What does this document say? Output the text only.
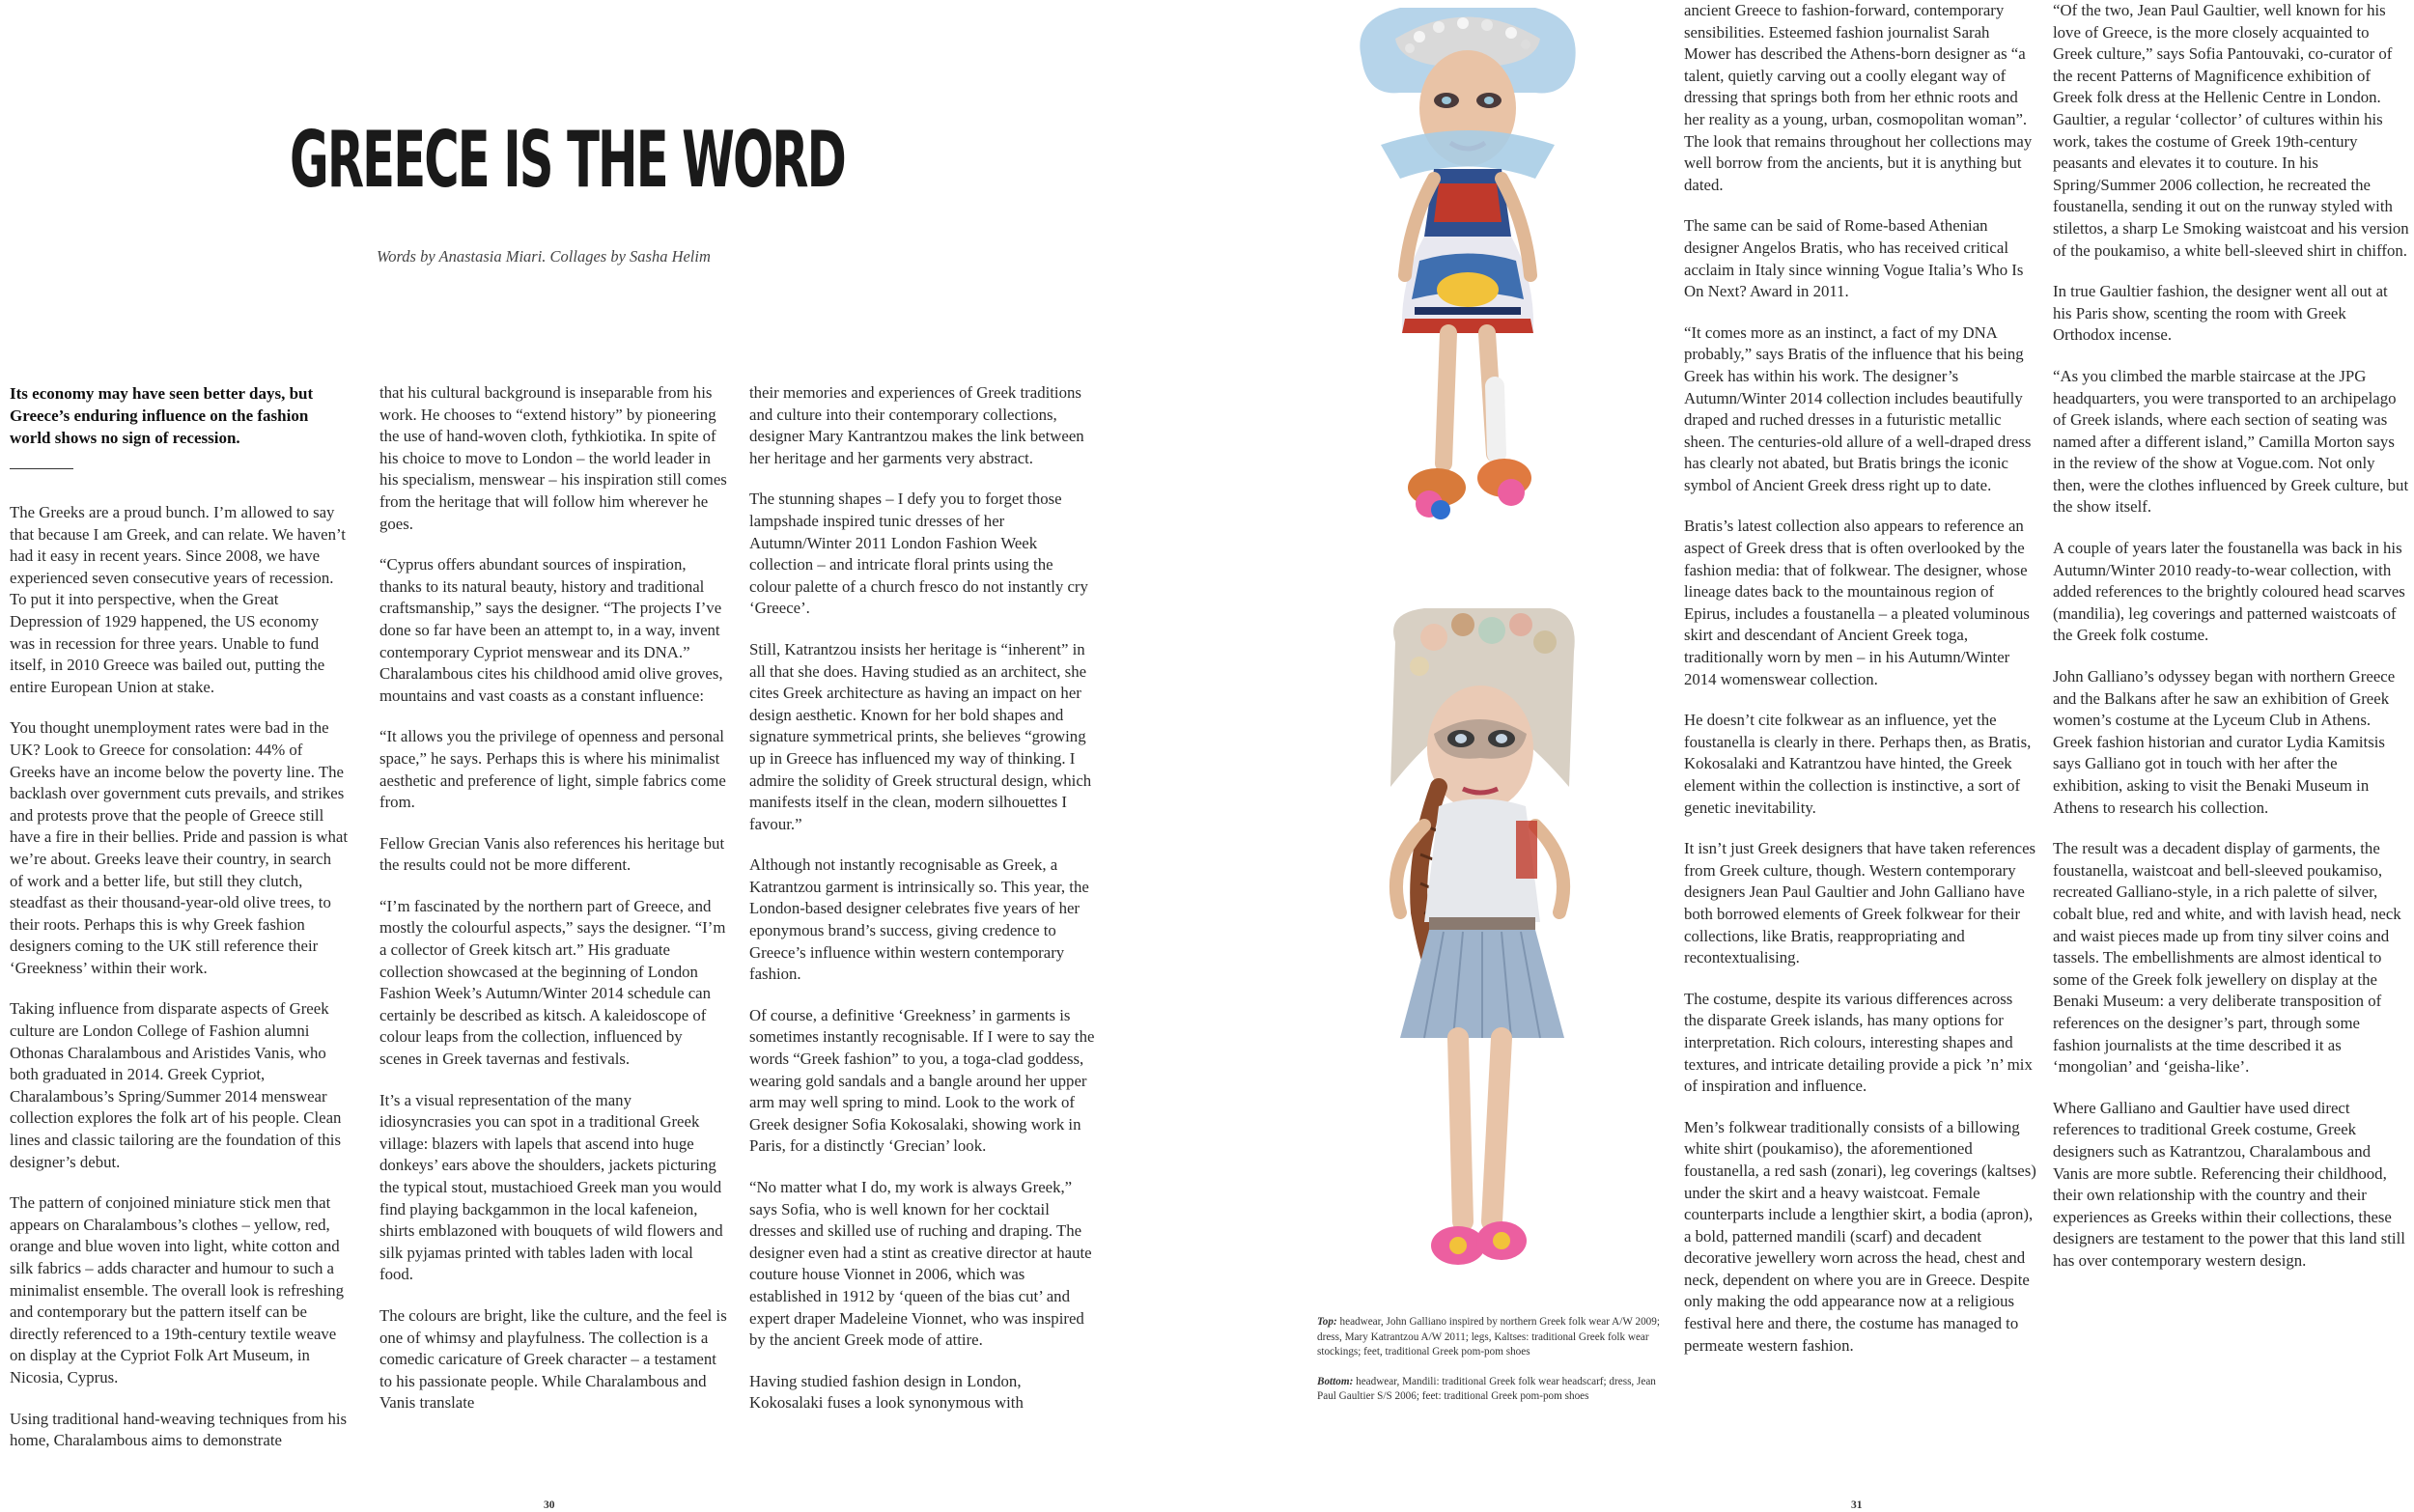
GREECE IS THE WORD
Words by Anastasia Miari. Collages by Sasha Helim

Its economy may have seen better days, but Greece’s enduring influence on the fashion world shows no sign of recession.

The Greeks are a proud bunch. I’m allowed to say that because I am Greek, and can relate. We haven’t had it easy in recent years. Since 2008, we have experienced seven consecutive years of recession. To put it into perspective, when the Great Depression of 1929 happened, the US economy was in recession for three years. Unable to fund itself, in 2010 Greece was bailed out, putting the entire European Union at stake.

You thought unemployment rates were bad in the UK? Look to Greece for consolation: 44% of Greeks have an income below the poverty line. The backlash over government cuts prevails, and strikes and protests prove that the people of Greece still have a fire in their bellies. Pride and passion is what we’re about. Greeks leave their country, in search of work and a better life, but still they clutch, steadfast as their thousand-year-old olive trees, to their roots. Perhaps this is why Greek fashion designers coming to the UK still reference their ‘Greekness’ within their work.

Taking influence from disparate aspects of Greek culture are London College of Fashion alumni Othonas Charalambous and Aristides Vanis, who both graduated in 2014. Greek Cypriot, Charalambous’s Spring/Summer 2014 menswear collection explores the folk art of his people. Clean lines and classic tailoring are the foundation of this designer’s debut.

The pattern of conjoined miniature stick men that appears on Charalambous’s clothes – yellow, red, orange and blue woven into light, white cotton and silk fabrics – adds character and humour to such a minimalist ensemble. The overall look is refreshing and contemporary but the pattern itself can be directly referenced to a 19th-century textile weave on display at the Cypriot Folk Art Museum, in Nicosia, Cyprus.

Using traditional hand-weaving techniques from his home, Charalambous aims to demonstrate

that his cultural background is inseparable from his work. He chooses to “extend history” by pioneering the use of hand-woven cloth, fythkiotika. In spite of his choice to move to London – the world leader in his specialism, menswear – his inspiration still comes from the heritage that will follow him wherever he goes.

“Cyprus offers abundant sources of inspiration, thanks to its natural beauty, history and traditional craftsmanship,” says the designer. “The projects I’ve done so far have been an attempt to, in a way, invent contemporary Cypriot menswear and its DNA.” Charalambous cites his childhood amid olive groves, mountains and vast coasts as a constant influence:

“It allows you the privilege of openness and personal space,” he says. Perhaps this is where his minimalist aesthetic and preference of light, simple fabrics come from.

Fellow Grecian Vanis also references his heritage but the results could not be more different.

“I’m fascinated by the northern part of Greece, and mostly the colourful aspects,” says the designer. “I’m a collector of Greek kitsch art.” His graduate collection showcased at the beginning of London Fashion Week’s Autumn/Winter 2014 schedule can certainly be described as kitsch. A kaleidoscope of colour leaps from the collection, influenced by scenes in Greek tavernas and festivals.

It’s a visual representation of the many idiosyncrasies you can spot in a traditional Greek village: blazers with lapels that ascend into huge donkeys’ ears above the shoulders, jackets picturing the typical stout, mustachioed Greek man you would find playing backgammon in the local kafeneion, shirts emblazoned with bouquets of wild flowers and silk pyjamas printed with tables laden with local food.

The colours are bright, like the culture, and the feel is one of whimsy and playfulness. The collection is a comedic caricature of Greek character – a testament to his passionate people. While Charalambous and Vanis translate

their memories and experiences of Greek traditions and culture into their contemporary collections, designer Mary Kantrantzou makes the link between her heritage and her garments very abstract.

The stunning shapes – I defy you to forget those lampshade inspired tunic dresses of her Autumn/Winter 2011 London Fashion Week collection – and intricate floral prints using the colour palette of a church fresco do not instantly cry ‘Greece’.

Still, Katrantzou insists her heritage is “inherent” in all that she does. Having studied as an architect, she cites Greek architecture as having an impact on her design aesthetic. Known for her bold shapes and signature symmetrical prints, she believes “growing up in Greece has influenced my way of thinking. I admire the solidity of Greek structural design, which manifests itself in the clean, modern silhouettes I favour.”

Although not instantly recognisable as Greek, a Katrantzou garment is intrinsically so. This year, the London-based designer celebrates five years of her eponymous brand’s success, giving credence to Greece’s influence within western contemporary fashion.

Of course, a definitive ‘Greekness’ in garments is sometimes instantly recognisable. If I were to say the words “Greek fashion” to you, a toga-clad goddess, wearing gold sandals and a bangle around her upper arm may well spring to mind. Look to the work of Greek designer Sofia Kokosalaki, showing work in Paris, for a distinctly ‘Grecian’ look.

“No matter what I do, my work is always Greek,” says Sofia, who is well known for her cocktail dresses and skilled use of ruching and draping. The designer even had a stint as creative director at haute couture house Vionnet in 2006, which was established in 1912 by ‘queen of the bias cut’ and expert draper Madeleine Vionnet, who was inspired by the ancient Greek mode of attire.

Having studied fashion design in London, Kokosalaki fuses a look synonymous with

30

ancient Greece to fashion-forward, contemporary sensibilities. Esteemed fashion journalist Sarah Mower has described the Athens-born designer as “a talent, quietly carving out a coolly elegant way of dressing that springs both from her ethnic roots and her reality as a young, urban, cosmopolitan woman”. The look that remains throughout her collections may well borrow from the ancients, but it is anything but dated.

The same can be said of Rome-based Athenian designer Angelos Bratis, who has received critical acclaim in Italy since winning Vogue Italia’s Who Is On Next? Award in 2011.

“It comes more as an instinct, a fact of my DNA probably,” says Bratis of the influence that his being Greek has within his work. The designer’s Autumn/Winter 2014 collection includes beautifully draped and ruched dresses in a futuristic metallic sheen. The centuries-old allure of a well-draped dress has clearly not abated, but Bratis brings the iconic symbol of Ancient Greek dress right up to date.

Bratis’s latest collection also appears to reference an aspect of Greek dress that is often overlooked by the fashion media: that of folkwear. The designer, whose lineage dates back to the mountainous region of Epirus, includes a foustanella – a pleated voluminous skirt and descendant of Ancient Greek toga, traditionally worn by men – in his Autumn/Winter 2014 womenswear collection.

He doesn’t cite folkwear as an influence, yet the foustanella is clearly in there. Perhaps then, as Bratis, Kokosalaki and Katrantzou have hinted, the Greek element within the collection is instinctive, a sort of genetic inevitability.

It isn’t just Greek designers that have taken references from Greek culture, though. Western contemporary designers Jean Paul Gaultier and John Galliano have both borrowed elements of Greek folkwear for their collections, like Bratis, reappropriating and recontextualising.

The costume, despite its various differences across the disparate Greek islands, has many options for interpretation. Rich colours, interesting shapes and textures, and intricate detailing provide a pick ’n’ mix of inspiration and influence.

Men’s folkwear traditionally consists of a billowing white shirt (poukamiso), the aforementioned foustanella, a red sash (zonari), leg coverings (kaltses) under the skirt and a heavy waistcoat. Female counterparts include a lengthier skirt, a bodia (apron), a bold, patterned mandili (scarf) and decadent decorative jewellery worn across the head, chest and neck, dependent on where you are in Greece. Despite only making the odd appearance now at a religious festival here and there, the costume has managed to permeate western fashion.

“Of the two, Jean Paul Gaultier, well known for his love of Greece, is the more closely acquainted to Greek culture,” says Sofia Pantouvaki, co-curator of the recent Patterns of Magnificence exhibition of Greek folk dress at the Hellenic Centre in London. Gaultier, a regular ‘collector’ of cultures within his work, takes the costume of Greek 19th-century peasants and elevates it to couture. In his Spring/Summer 2006 collection, he recreated the foustanella, sending it out on the runway styled with stilettos, a sharp Le Smoking waistcoat and his version of the poukamiso, a white bell-sleeved shirt in chiffon.

In true Gaultier fashion, the designer went all out at his Paris show, scenting the room with Greek Orthodox incense.

“As you climbed the marble staircase at the JPG headquarters, you were transported to an archipelago of Greek islands, where each section of seating was named after a different island,” Camilla Morton says in the review of the show at Vogue.com. Not only then, were the clothes influenced by Greek culture, but the show itself.

A couple of years later the foustanella was back in his Autumn/Winter 2010 ready-to-wear collection, with added references to the brightly coloured head scarves (mandilia), leg coverings and patterned waistcoats of the Greek folk costume.

John Galliano’s odyssey began with northern Greece and the Balkans after he saw an exhibition of Greek women’s costume at the Lyceum Club in Athens. Greek fashion historian and curator Lydia Kamitsis says Galliano got in touch with her after the exhibition, asking to visit the Benaki Museum in Athens to research his collection.

The result was a decadent display of garments, the foustanella, waistcoat and bell-sleeved poukamiso, recreated Galliano-style, in a rich palette of silver, cobalt blue, red and white, and with lavish head, neck and waist pieces made up from tiny silver coins and tassels. The embellishments are almost identical to some of the Greek folk jewellery on display at the Benaki Museum: a very deliberate transposition of references on the designer’s part, through some fashion journalists at the time described it as ‘mongolian’ and ‘geisha-like’.

Where Galliano and Gaultier have used direct references to traditional Greek costume, Greek designers such as Katrantzou, Charalambous and Vanis are more subtle. Referencing their childhood, their own relationship with the country and their experiences as Greeks within their collections, these designers are testament to the power that this land still has over contemporary western design.

31

Top: headwear, John Galliano inspired by northern Greek folk wear A/W 2009; dress, Mary Katrantzou A/W 2011; legs, Kaltses: traditional Greek folk wear stockings; feet, traditional Greek pom-pom shoes

Bottom: headwear, Mandili: traditional Greek folk wear headscarf; dress, Jean Paul Gaultier S/S 2006; feet: traditional Greek pom-pom shoes
